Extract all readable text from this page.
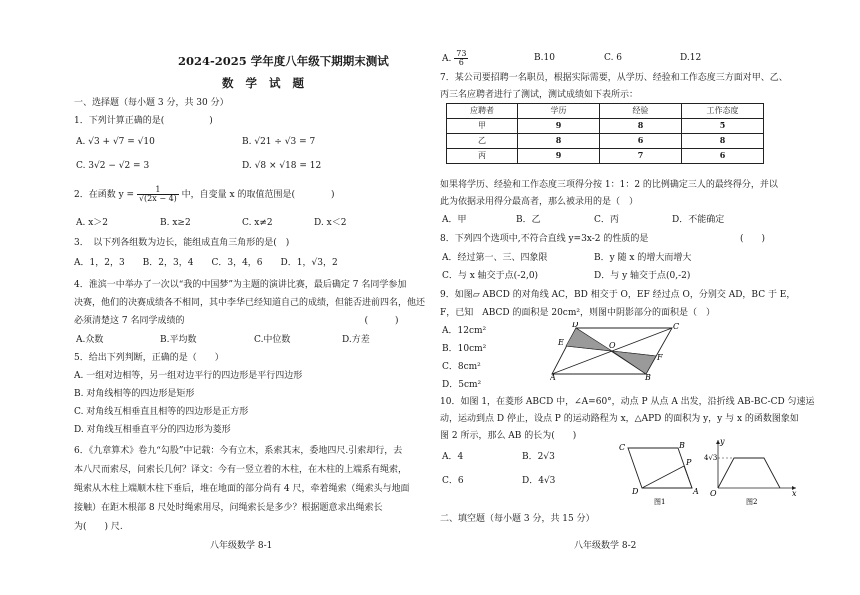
2024-2025 学年度八年级下期期末测试
数 学 试 题
一、选择题（每小题 3 分，共 30 分）
1．下列计算正确的是(　　　　　)
A. √3 + √7 = √10	B. √21 ÷ √3 = 7
C. 3√2 − √2 = 3	D. √8 × √18 = 12
2．在函数 $y = \frac{1}{√(2x - 4)}$ 中，自变量 x 的取值范围是(　　　　)
A. x＞2	B. x≥2	C. x≠2	D. x＜2
3．　以下列各组数为边长，能组成直角三角形的是(　)
A．1，2，3　　B．2，3，4　　C．3，4，6　　D．1，√3，2
4．淮滨一中举办了一次以“我的中国梦”为主题的演讲比赛，最后确定 7 名同学参加
决赛，他们的决赛成绩各不相同，其中李华已经知道自己的成绩，但能否进前四名，他还
必须清楚这 7 名同学成绩的　　　　　　　　　　　　　　　　　　　　(　　　)
A.众数	B.平均数	C.中位数	D.方差
5．给出下列判断，正确的是（　　）
A. 一组对边相等，另一组对边平行的四边形是平行四边形
B. 对角线相等的四边形是矩形
C. 对角线互相垂直且相等的四边形是正方形
D. 对角线互相垂直平分的四边形为菱形
6．《九章算术》卷九“勾股”中记载：今有立木，系索其末，委地四尺.引索却行，去
本八尺而索尽，问索长几何？译文：今有一竖立着的木柱，在木柱的上端系有绳索，
绳索从木柱上端顺木柱下垂后，堆在地面的部分尚有 4 尺，牵着绳索（绳索头与地面
接触）在距木根部 8 尺处时绳索用尽，问绳索长是多少？根据题意求出绳索长
为(　　) 尺.
八年级数学 8-1
A. $\frac{73}{6}$	B.10	C. 6	D.12
7．某公司要招聘一名职员，根据实际需要，从学历、经验和工作态度三方面对甲、乙、
丙三名应聘者进行了测试，测试成绩如下表所示：
应聘者	学历	经验	工作态度
甲	9	8	5
乙	8	6	8
丙	9	7	6
如果将学历、经验和工作态度三项得分按 1：1：2 的比例确定三人的最终得分，并以
此为依据录用得分最高者，那么被录用的是（　）
A．甲	B．乙	C．丙	D．不能确定
8．下列四个选项中,不符合直线 y=3x-2 的性质的是	(　　)
A．经过第一、三、四象限	B．y 随 x 的增大而增大
C．与 x 轴交于点(-2,0)	D．与 y 轴交于点(0,-2)
9．如图▱ ABCD 的对角线 AC，BD 相交于 O，EF 经过点 O，分别交 AD，BC 于 E，
F，已知　ABCD 的面积是 20cm²，则图中阴影部分的面积是（　）
A．12cm²
B．10cm²
C．8cm²
D．5cm²
D	C
E	O
F
A	B
10．如图 1，在菱形 ABCD 中，∠A=60°，动点 P 从点 A 出发，沿折线 AB-BC-CD 匀速运
动，运动到点 D 停止，设点 P 的运动路程为 x，△APD 的面积为 y，y 与 x 的函数图象如
图 2 所示，那么 AB 的长为(　　)
A．4	B．2√3
C．6	D．4√3
C	B
P
D	A
图1
y
4√3
O	x
图2
二、填空题（每小题 3 分，共 15 分）
八年级数学 8-2
